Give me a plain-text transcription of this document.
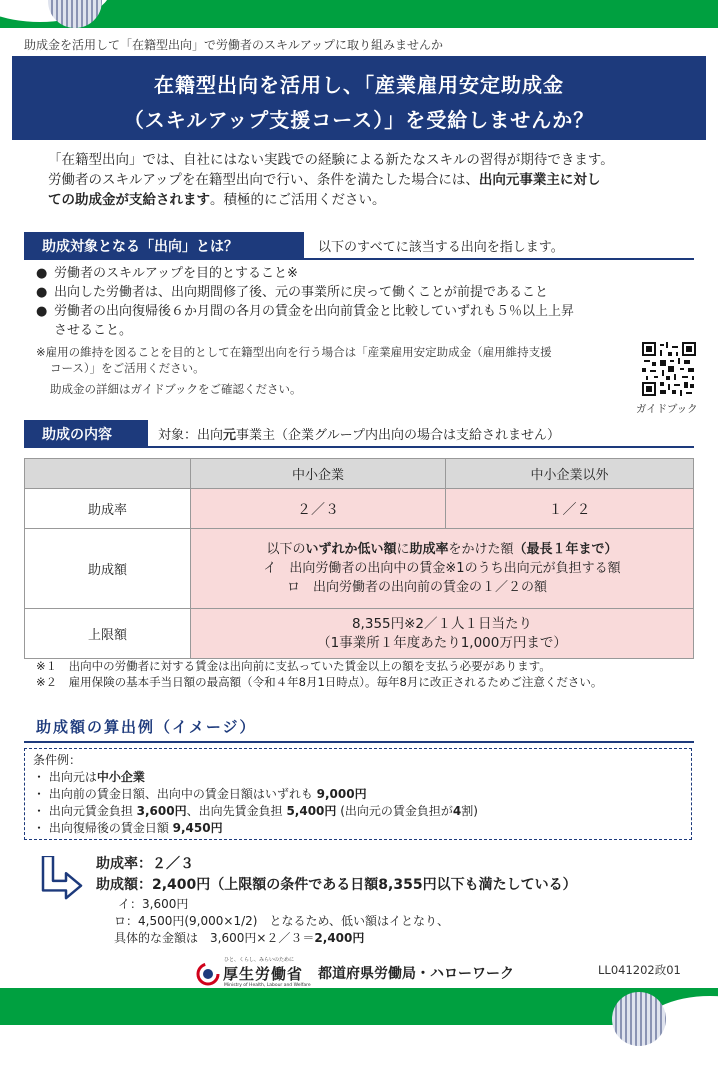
助成金を活用して「在籍型出向」で労働者のスキルアップに取り組みませんか
在籍型出向を活用し、「産業雇用安定助成金
（スキルアップ支援コース）」を受給しませんか？
「在籍型出向」では、自社にはない実践での経験による新たなスキルの習得が期待できます。
労働者のスキルアップを在籍型出向で行い、条件を満たした場合には、出向元事業主に対し
ての助成金が支給されます。積極的にご活用ください。
助成対象となる「出向」とは？	以下のすべてに該当する出向を指します。
● 労働者のスキルアップを目的とすること※
● 出向した労働者は、出向期間修了後、元の事業所に戻って働くことが前提であること
● 労働者の出向復帰後６か月間の各月の賃金を出向前賃金と比較していずれも５％以上上昇
させること。
※雇用の維持を図ることを目的として在籍型出向を行う場合は「産業雇用安定助成金（雇用維持支援
コース）」をご活用ください。
助成金の詳細はガイドブックをご確認ください。
ガイドブック
助成の内容	対象：出向元事業主（企業グループ内出向の場合は支給されません）
	中小企業	中小企業以外
助成率	２／３	１／２
助成額	以下のいずれか低い額に助成率をかけた額（最長１年まで）
イ　出向労働者の出向中の賃金※1のうち出向元が負担する額
ロ　出向労働者の出向前の賃金の１／２の額	

上限額	8,355円※2／１人１日当たり
（1事業所１年度あたり1,000万円まで）	
※１　出向中の労働者に対する賃金は出向前に支払っていた賃金以上の額を支払う必要があります。
※２　雇用保険の基本手当日額の最高額（令和４年8月1日時点）。毎年8月に改正されるためご注意ください。
助成額の算出例（イメージ）
条件例：
・ 出向元は中小企業
・ 出向前の賃金日額、出向中の賃金日額はいずれも 9,000円
・ 出向元賃金負担 3,600円、出向先賃金負担 5,400円 (出向元の賃金負担が4割)
・ 出向復帰後の賃金日額 9,450円
助成率：２／３
助成額：2,400円（上限額の条件である日額8,355円以下も満たしている）
イ：3,600円
ロ：4,500円(9,000×1/2)　となるため、低い額はイとなり、
具体的な金額は　3,600円×２／３＝2,400円
ひと、くらし、みらいのために
厚生労働省
Ministry of Health, Labour and Welfare
都道府県労働局・ハローワーク	LL041202政01
